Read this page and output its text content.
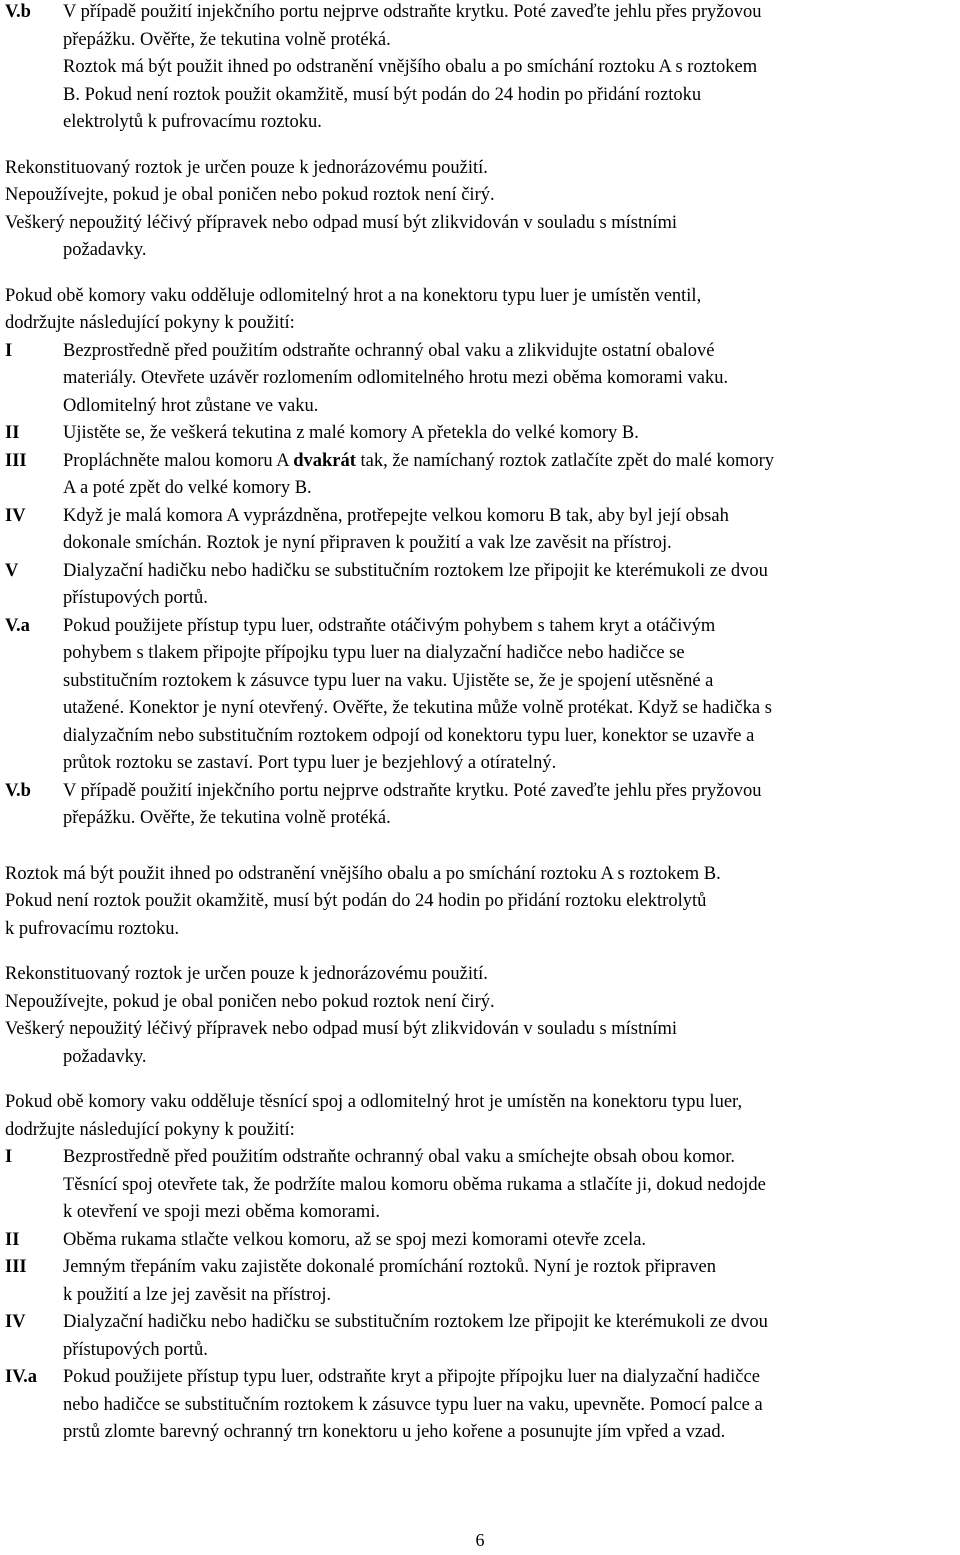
V.b	V případě použití injekčního portu nejprve odstraňte krytku. Poté zaveďte jehlu přes pryžovou
přepážku. Ověřte, že tekutina volně protéká.
Roztok má být použit ihned po odstranění vnějšího obalu a po smíchání roztoku A s roztokem
B. Pokud není roztok použit okamžitě, musí být podán do 24 hodin po přidání roztoku
elektrolytů k pufrovacímu roztoku.
Rekonstituovaný roztok je určen pouze k jednorázovému použití.
Nepoužívejte, pokud je obal poničen nebo pokud roztok není čirý.
Veškerý nepoužitý léčivý přípravek nebo odpad musí být zlikvidován v souladu s místními
požadavky.
Pokud obě komory vaku odděluje odlomitelný hrot a na konektoru typu luer je umístěn ventil,
dodržujte následující pokyny k použití:
I	Bezprostředně před použitím odstraňte ochranný obal vaku a zlikvidujte ostatní obalové
materiály. Otevřete uzávěr rozlomením odlomitelného hrotu mezi oběma komorami vaku.
Odlomitelný hrot zůstane ve vaku.
II	Ujistěte se, že veškerá tekutina z malé komory A přetekla do velké komory B.
III	Propláchněte malou komoru A dvakrát tak, že namíchaný roztok zatlačíte zpět do malé komory
A a poté zpět do velké komory B.
IV	Když je malá komora A vyprázdněna, protřepejte velkou komoru B tak, aby byl její obsah
dokonale smíchán. Roztok je nyní připraven k použití a vak lze zavěsit na přístroj.
V	Dialyzační hadičku nebo hadičku se substitučním roztokem lze připojit ke kterémukoli ze dvou
přístupových portů.
V.a	Pokud použijete přístup typu luer, odstraňte otáčivým pohybem s tahem kryt a otáčivým
pohybem s tlakem připojte přípojku typu luer na dialyzační hadičce nebo hadičce se
substitučním roztokem k zásuvce typu luer na vaku. Ujistěte se, že je spojení utěsněné a
utažené. Konektor je nyní otevřený. Ověřte, že tekutina může volně protékat. Když se hadička s
dialyzačním nebo substitučním roztokem odpojí od konektoru typu luer, konektor se uzavře a
průtok roztoku se zastaví. Port typu luer je bezjehlový a otíratelný.
V.b	V případě použití injekčního portu nejprve odstraňte krytku. Poté zaveďte jehlu přes pryžovou
přepážku. Ověřte, že tekutina volně protéká.
Roztok má být použit ihned po odstranění vnějšího obalu a po smíchání roztoku A s roztokem B.
Pokud není roztok použit okamžitě, musí být podán do 24 hodin po přidání roztoku elektrolytů
k pufrovacímu roztoku.
Rekonstituovaný roztok je určen pouze k jednorázovému použití.
Nepoužívejte, pokud je obal poničen nebo pokud roztok není čirý.
Veškerý nepoužitý léčivý přípravek nebo odpad musí být zlikvidován v souladu s místními
požadavky.
Pokud obě komory vaku odděluje těsnící spoj a odlomitelný hrot je umístěn na konektoru typu luer,
dodržujte následující pokyny k použití:
I	Bezprostředně před použitím odstraňte ochranný obal vaku a smíchejte obsah obou komor.
Těsnící spoj otevřete tak, že podržíte malou komoru oběma rukama a stlačíte ji, dokud nedojde
k otevření ve spoji mezi oběma komorami.
II	Oběma rukama stlačte velkou komoru, až se spoj mezi komorami otevře zcela.
III	Jemným třepáním vaku zajistěte dokonalé promíchání roztoků. Nyní je roztok připraven
k použití a lze jej zavěsit na přístroj.
IV	Dialyzační hadičku nebo hadičku se substitučním roztokem lze připojit ke kterémukoli ze dvou
přístupových portů.
IV.a	Pokud použijete přístup typu luer, odstraňte kryt a připojte přípojku luer na dialyzační hadičce
nebo hadičce se substitučním roztokem k zásuvce typu luer na vaku, upevněte. Pomocí palce a
prstů zlomte barevný ochranný trn konektoru u jeho kořene a posunujte jím vpřed a vzad.
6
